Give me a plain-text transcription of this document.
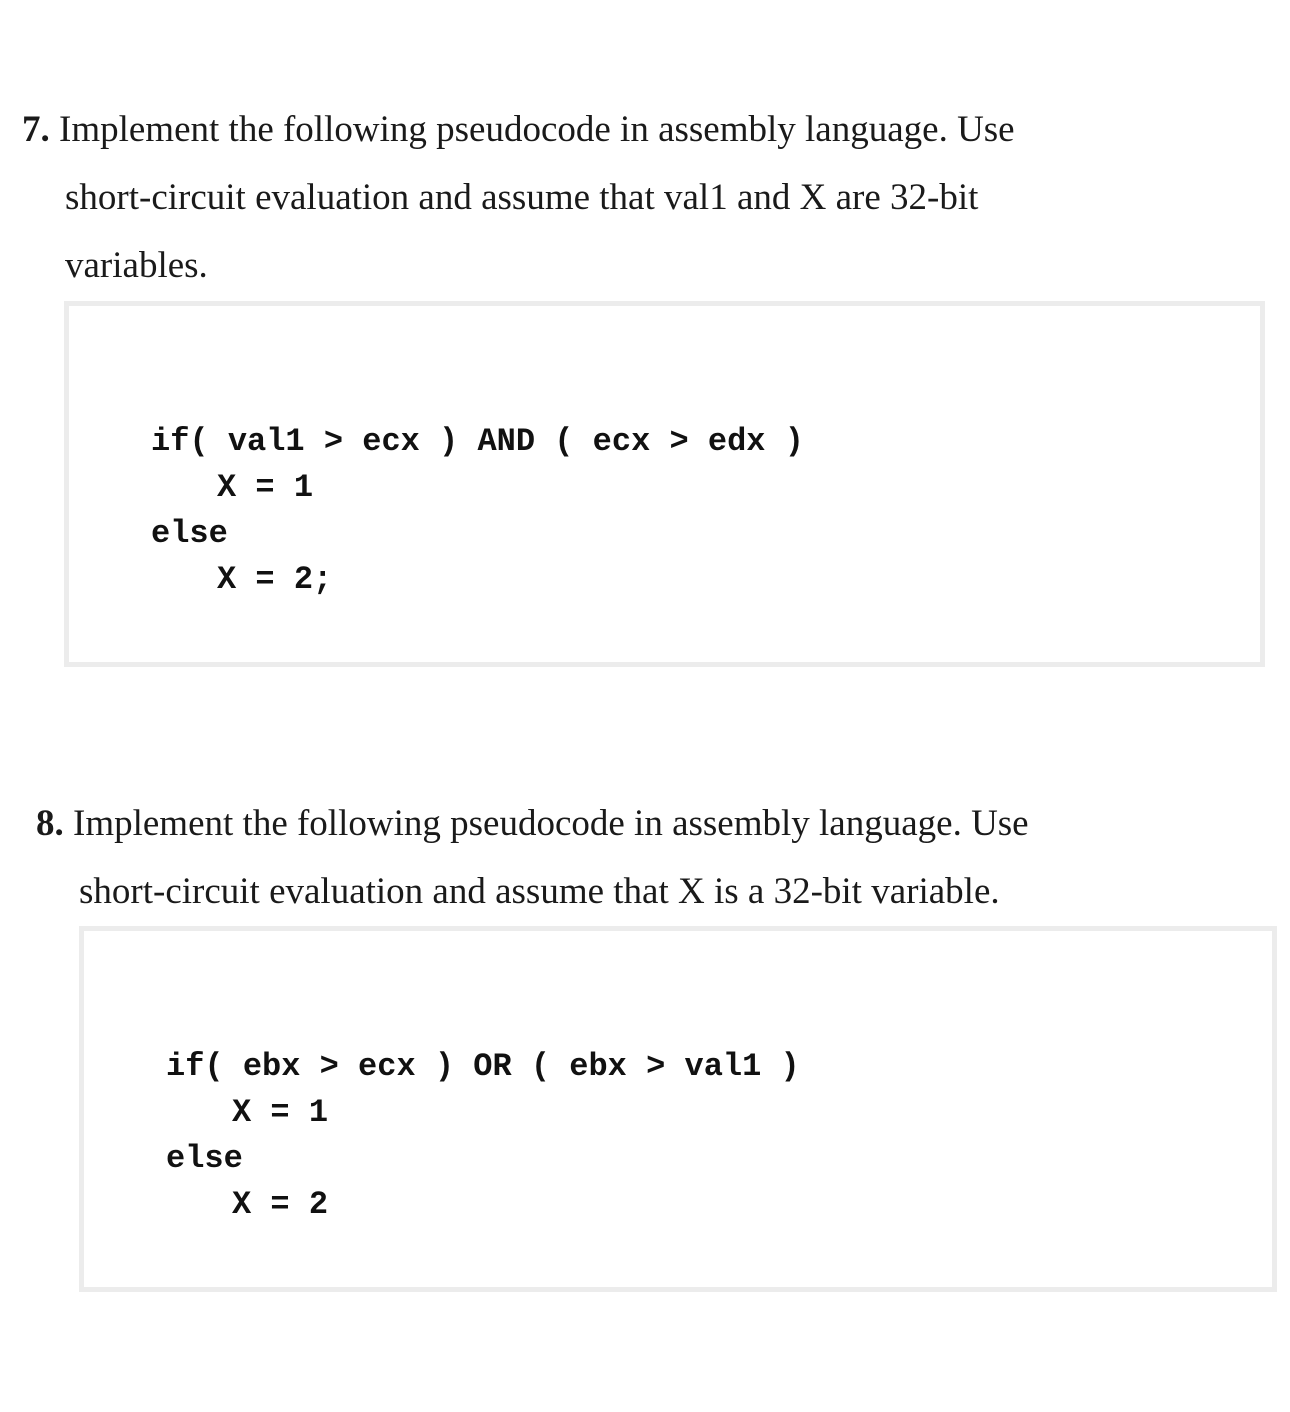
7. Implement the following pseudocode in assembly language. Use

short-circuit evaluation and assume that val1 and X are 32-bit

variables.

if( val1 > ecx ) AND ( ecx > edx )

X = 1

else

X = 2;

8. Implement the following pseudocode in assembly language. Use

short-circuit evaluation and assume that X is a 32-bit variable.

if( ebx > ecx ) OR ( ebx > val1 )

X = 1

else

X = 2
